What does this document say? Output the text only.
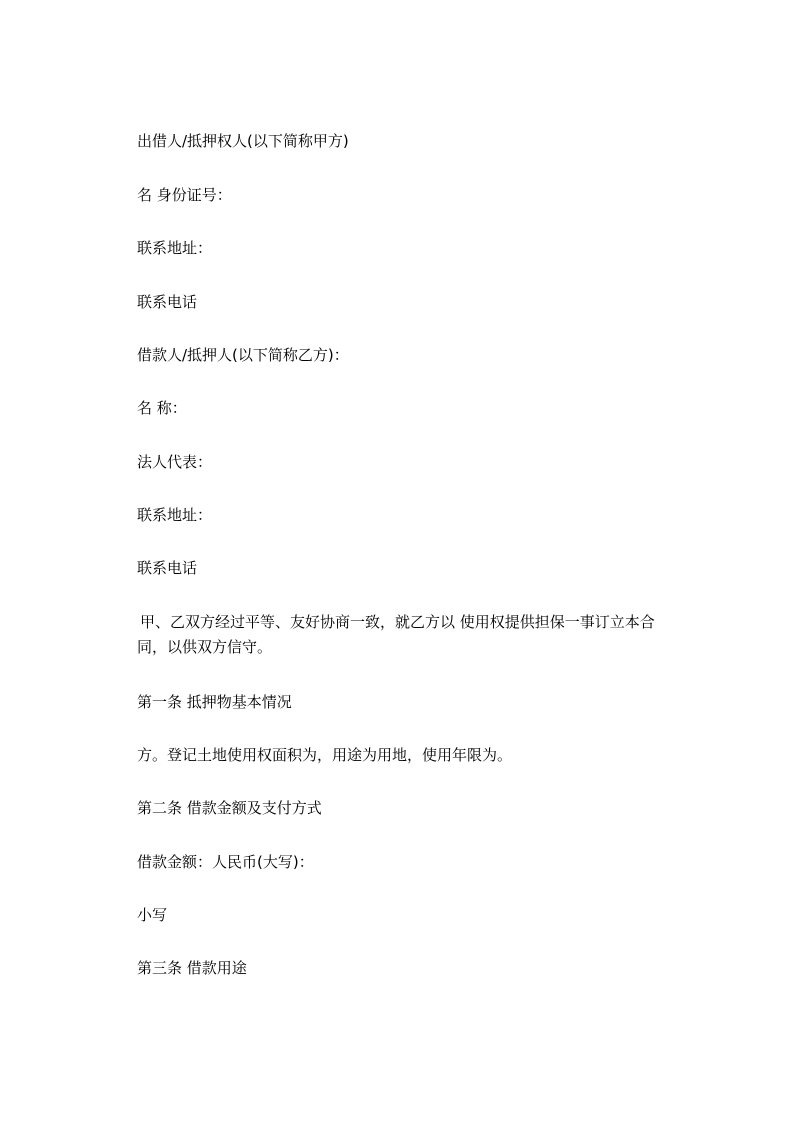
出借人/抵押权人(以下简称甲方)
名 身份证号：
联系地址：
联系电话
借款人/抵押人(以下简称乙方)：
名 称：
法人代表：
联系地址：
联系电话
甲、乙双方经过平等、友好协商一致，就乙方以 使用权提供担保一事订立本合
同，以供双方信守。
第一条 抵押物基本情况
方。登记土地使用权面积为，用途为用地，使用年限为。
第二条 借款金额及支付方式
借款金额：人民币(大写)：
小写
第三条 借款用途
